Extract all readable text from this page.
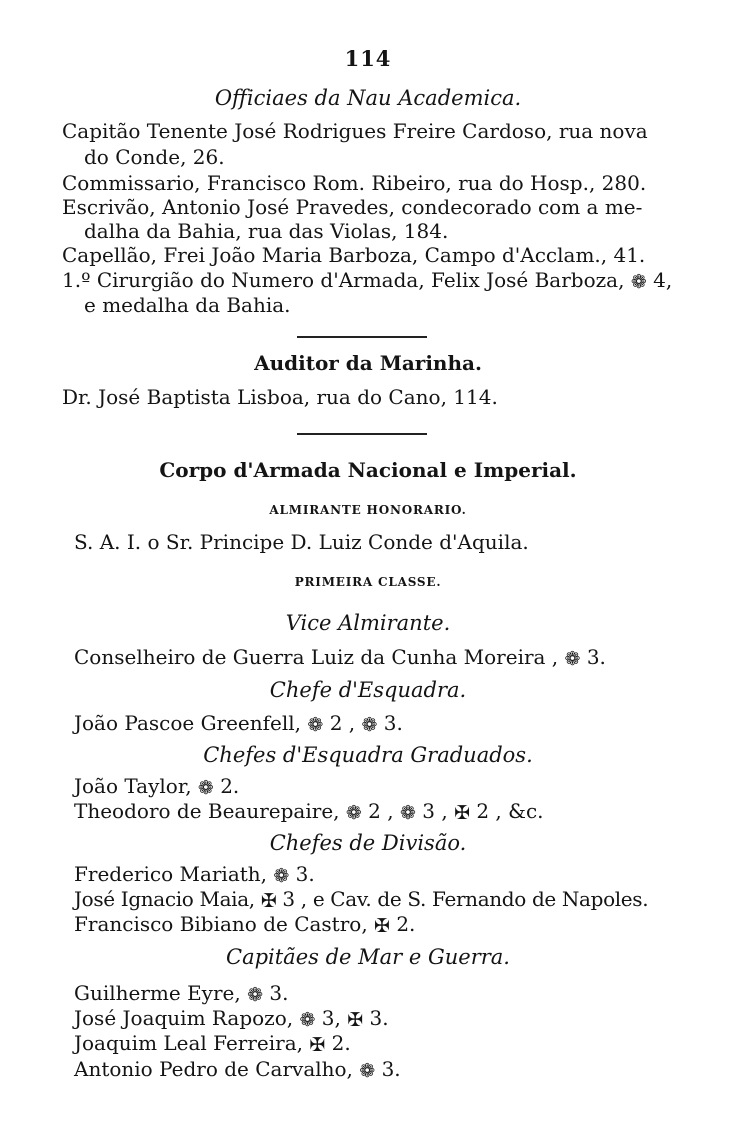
114
Officiaes da Nau Academica.
Capitão Tenente José Rodrigues Freire Cardoso, rua nova
do Conde, 26.
Commissario, Francisco Rom. Ribeiro, rua do Hosp., 280.
Escrivão, Antonio José Pravedes, condecorado com a me-
dalha da Bahia, rua das Violas, 184.
Capellão, Frei João Maria Barboza, Campo d'Acclam., 41.
1.º Cirurgião do Numero d'Armada, Felix José Barboza, ❁ 4,
e medalha da Bahia.
Auditor da Marinha.
Dr. José Baptista Lisboa, rua do Cano, 114.
Corpo d'Armada Nacional e Imperial.
ALMIRANTE HONORARIO.
S. A. I. o Sr. Principe D. Luiz Conde d'Aquila.
PRIMEIRA CLASSE.
Vice Almirante.
Conselheiro de Guerra Luiz da Cunha Moreira , ❁ 3.
Chefe d'Esquadra.
João Pascoe Greenfell, ❁ 2 , ❁ 3.
Chefes d'Esquadra Graduados.
João Taylor, ❁ 2.
Theodoro de Beaurepaire, ❁ 2 , ❁ 3 , ✠ 2 , &c.
Chefes de Divisão.
Frederico Mariath, ❁ 3.
José Ignacio Maia, ✠ 3 , e Cav. de S. Fernando de Napoles.
Francisco Bibiano de Castro, ✠ 2.
Capitães de Mar e Guerra.
Guilherme Eyre, ❁ 3.
José Joaquim Rapozo, ❁ 3, ✠ 3.
Joaquim Leal Ferreira, ✠ 2.
Antonio Pedro de Carvalho, ❁ 3.
